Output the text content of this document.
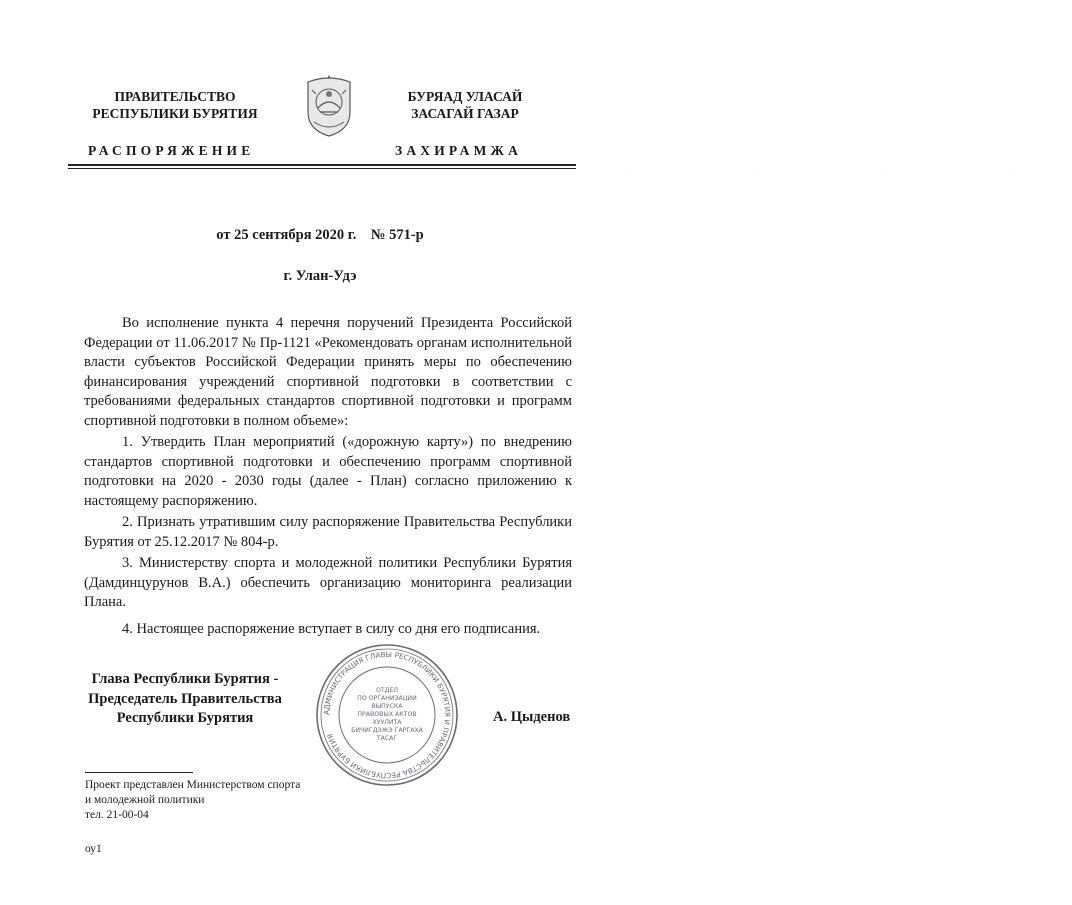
ПРАВИТЕЛЬСТВО
РЕСПУБЛИКИ БУРЯТИЯ
БУРЯАД УЛАСАЙ
ЗАСАГАЙ ГАЗАР
РАСПОРЯЖЕНИЕ	ЗАХИРАМЖА
· · · · · · · ·
от 25 сентября 2020 г.    № 571-р
г. Улан-Удэ

Во исполнение пункта 4 перечня поручений Президента Российской Федерации от 11.06.2017 № Пр-1121 «Рекомендовать органам исполнительной власти субъектов Российской Федерации принять меры по обеспечению финансирования учреждений спортивной подготовки в соответствии с требованиями федеральных стандартов спортивной подготовки и программ спортивной подготовки в полном объеме»:

1. Утвердить План мероприятий («дорожную карту») по внедрению стандартов спортивной подготовки и обеспечению программ спортивной подготовки на 2020 - 2030 годы (далее - План) согласно приложению к настоящему распоряжению.

2. Признать утратившим силу распоряжение Правительства Республики Бурятия от 25.12.2017 № 804-р.

3. Министерству спорта и молодежной политики Республики Бурятия (Дамдинцурунов В.А.) обеспечить организацию мониторинга реализации Плана.

4. Настоящее распоряжение вступает в силу со дня его подписания.

АДМИНИСТРАЦИЯ ГЛАВЫ РЕСПУБЛИКИ БУРЯТИЯ И ПРАВИТЕЛЬСТВА РЕСПУБЛИКИ БУРЯТИЯ
ОТДЕЛ
ПО ОРГАНИЗАЦИИ
ВЫПУСКА
ПРАВОВЫХ АКТОВ
ХУУЛИТА
БИЧИГДЭЖЭ ГАРГАХА
ТАСАГ
Глава Республики Бурятия -
Председатель Правительства
Республики Бурятия	А. Цыденов
Проект представлен Министерством спорта
и молодежной политики
тел. 21-00-04
оу1
